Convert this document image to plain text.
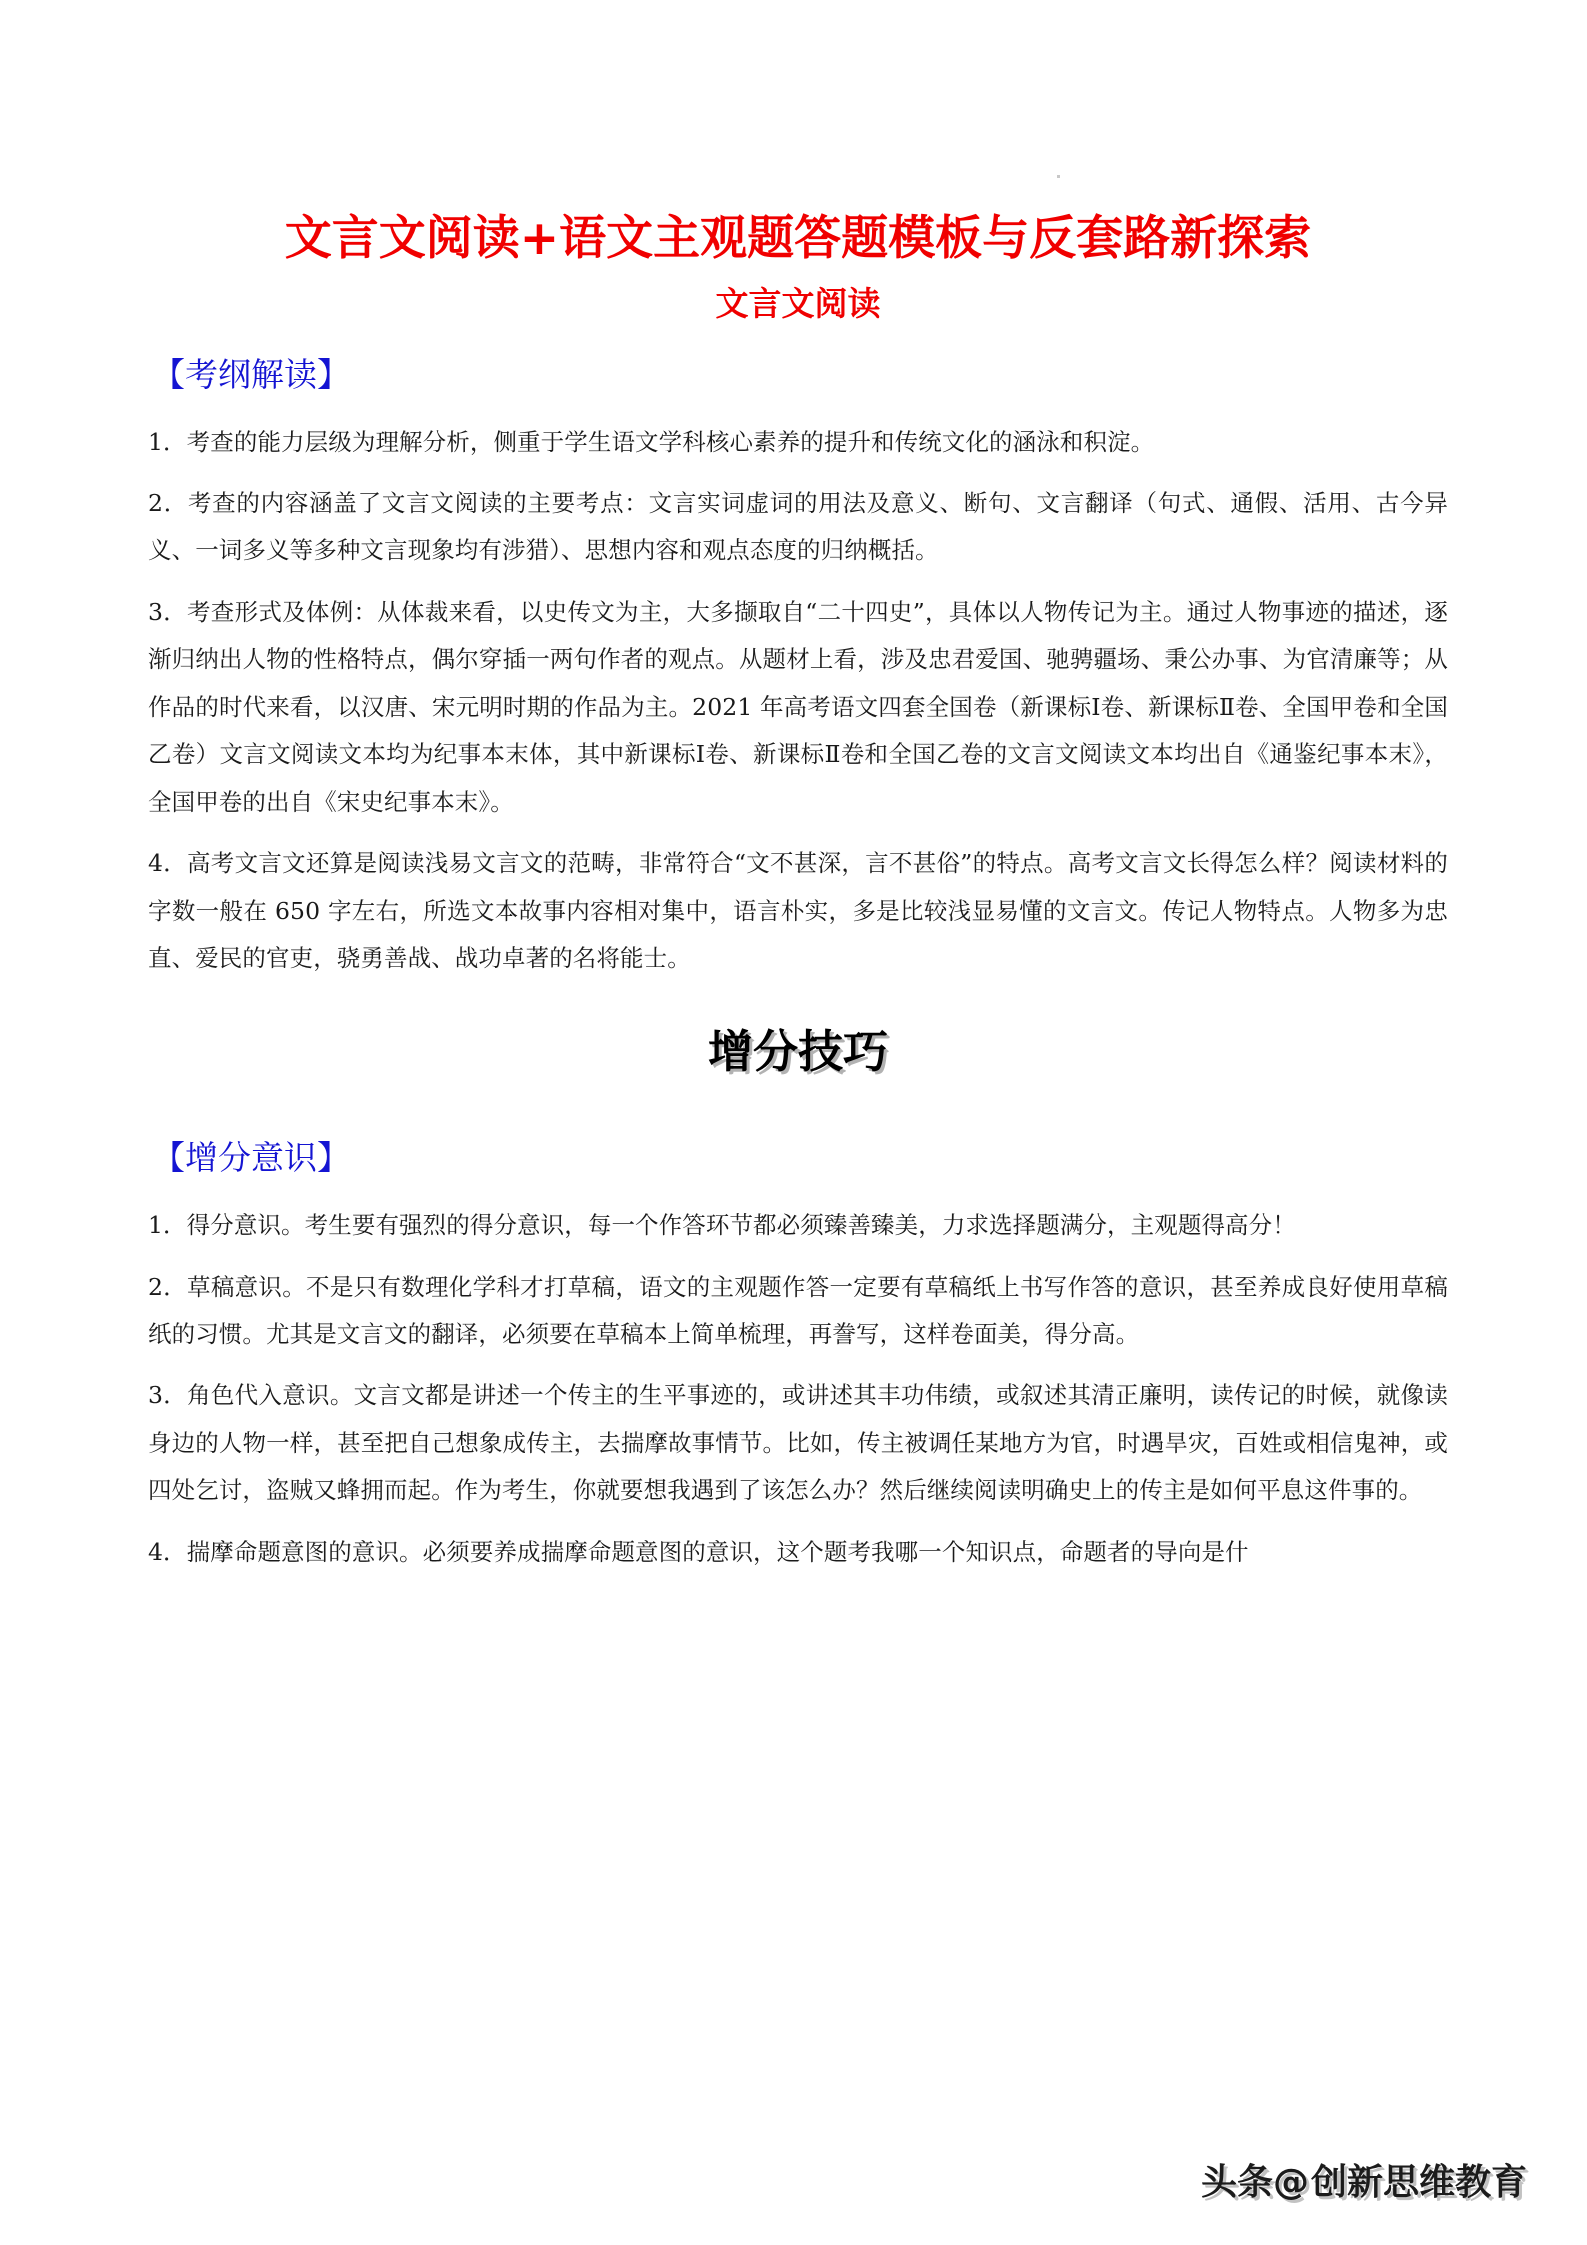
文言文阅读+语文主观题答题模板与反套路新探索
文言文阅读
【考纲解读】

1．考查的能力层级为理解分析，侧重于学生语文学科核心素养的提升和传统文化的涵泳和积淀。

2．考查的内容涵盖了文言文阅读的主要考点：文言实词虚词的用法及意义、断句、文言翻译（句式、通假、活用、古今异义、一词多义等多种文言现象均有涉猎）、思想内容和观点态度的归纳概括。

3．考查形式及体例：从体裁来看，以史传文为主，大多撷取自“二十四史”，具体以人物传记为主。通过人物事迹的描述，逐渐归纳出人物的性格特点，偶尔穿插一两句作者的观点。从题材上看，涉及忠君爱国、驰骋疆场、秉公办事、为官清廉等；从作品的时代来看，以汉唐、宋元明时期的作品为主。2021 年高考语文四套全国卷（新课标Ⅰ卷、新课标Ⅱ卷、全国甲卷和全国乙卷）文言文阅读文本均为纪事本末体，其中新课标Ⅰ卷、新课标Ⅱ卷和全国乙卷的文言文阅读文本均出自《通鉴纪事本末》，全国甲卷的出自《宋史纪事本末》。

4．高考文言文还算是阅读浅易文言文的范畴，非常符合“文不甚深，言不甚俗”的特点。高考文言文长得怎么样？阅读材料的字数一般在 650 字左右，所选文本故事内容相对集中，语言朴实，多是比较浅显易懂的文言文。传记人物特点。人物多为忠直、爱民的官吏，骁勇善战、战功卓著的名将能士。

增分技巧
【增分意识】

1．得分意识。考生要有强烈的得分意识，每一个作答环节都必须臻善臻美，力求选择题满分，主观题得高分！

2．草稿意识。不是只有数理化学科才打草稿，语文的主观题作答一定要有草稿纸上书写作答的意识，甚至养成良好使用草稿纸的习惯。尤其是文言文的翻译，必须要在草稿本上简单梳理，再誊写，这样卷面美，得分高。

3．角色代入意识。文言文都是讲述一个传主的生平事迹的，或讲述其丰功伟绩，或叙述其清正廉明，读传记的时候，就像读身边的人物一样，甚至把自己想象成传主，去揣摩故事情节。比如，传主被调任某地方为官，时遇旱灾，百姓或相信鬼神，或四处乞讨，盗贼又蜂拥而起。作为考生，你就要想我遇到了该怎么办？然后继续阅读明确史上的传主是如何平息这件事的。

4．揣摩命题意图的意识。必须要养成揣摩命题意图的意识，这个题考我哪一个知识点，命题者的导向是什

头条@创新思维教育
